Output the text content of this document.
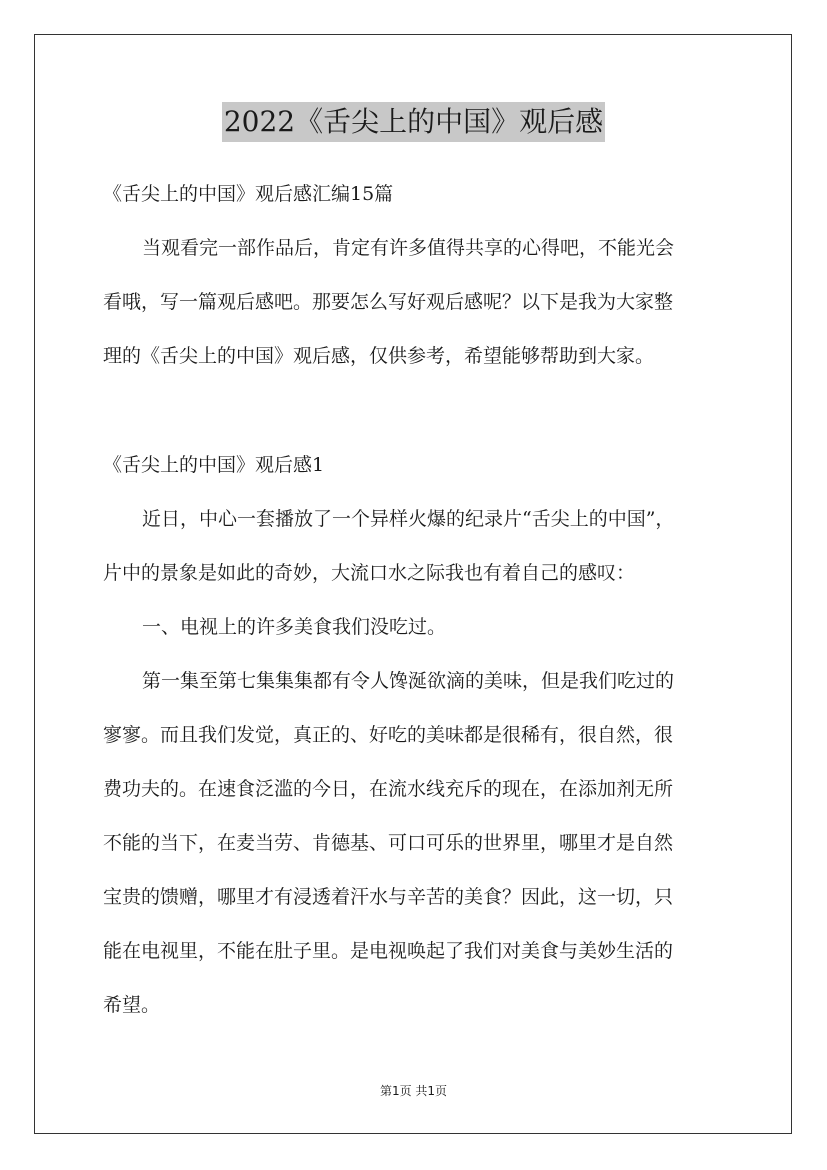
2022《舌尖上的中国》观后感
《舌尖上的中国》观后感汇编15篇
当观看完一部作品后，肯定有许多值得共享的心得吧，不能光会
看哦，写一篇观后感吧。那要怎么写好观后感呢？以下是我为大家整
理的《舌尖上的中国》观后感，仅供参考，希望能够帮助到大家。
《舌尖上的中国》观后感1
近日，中心一套播放了一个异样火爆的纪录片“舌尖上的中国”，
片中的景象是如此的奇妙，大流口水之际我也有着自己的感叹：
一、电视上的许多美食我们没吃过。
第一集至第七集集集都有令人馋涎欲滴的美味，但是我们吃过的
寥寥。而且我们发觉，真正的、好吃的美味都是很稀有，很自然，很
费功夫的。在速食泛滥的今日，在流水线充斥的现在，在添加剂无所
不能的当下，在麦当劳、肯德基、可口可乐的世界里，哪里才是自然
宝贵的馈赠，哪里才有浸透着汗水与辛苦的美食？因此，这一切，只
能在电视里，不能在肚子里。是电视唤起了我们对美食与美妙生活的
希望。
第1页 共1页
